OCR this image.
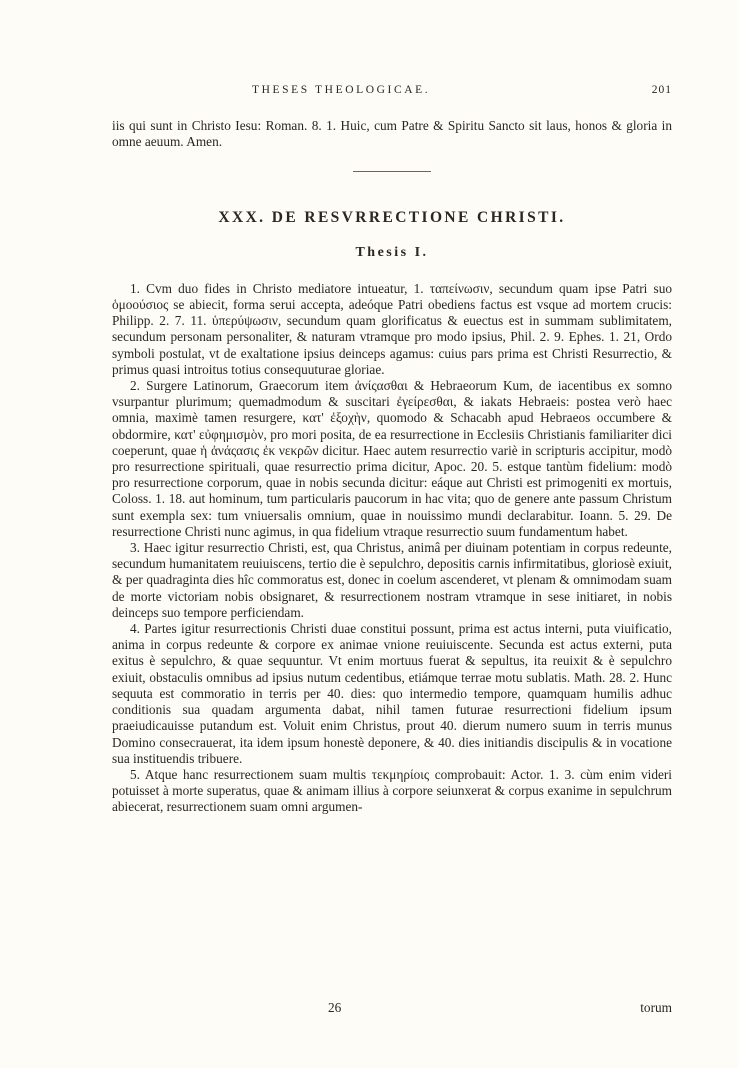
THESES THEOLOGICAE.	201

iis qui sunt in Christo Iesu: Roman. 8. 1. Huic, cum Patre & Spiritu Sancto sit laus, honos & gloria in omne aeuum. Amen.

XXX. DE RESVRRECTIONE CHRISTI.
Thesis I.

1. Cvm duo fides in Christo mediatore intueatur, 1. ταπείνωσιν, secundum quam ipse Patri suo ὁμοούσιος se abiecit, forma serui accepta, adeóque Patri obediens factus est vsque ad mortem crucis: Philipp. 2. 7. 11. ὑπερύψωσιν, secundum quam glorificatus & euectus est in summam sublimitatem, secundum personam personaliter, & naturam vtramque pro modo ipsius, Phil. 2. 9. Ephes. 1. 21, Ordo symboli postulat, vt de exaltatione ipsius deinceps agamus: cuius pars prima est Christi Resurrectio, & primus quasi introitus totius consequuturae gloriae.

2. Surgere Latinorum, Graecorum item ἀνίςασθαι & Hebraeorum Kum, de iacentibus ex somno vsurpantur plurimum; quemadmodum & suscitari ἐγείρεσθαι, & iakats Hebraeis: postea verò haec omnia, maximè tamen resurgere, κατ' ἐξοχὴν, quomodo & Schacabh apud Hebraeos occumbere & obdormire, κατ' εὐφημισμὸν, pro mori posita, de ea resurrectione in Ecclesiis Christianis familiariter dici coeperunt, quae ἡ ἀνάςασις ἐκ νεκρῶν dicitur. Haec autem resurrectio variè in scripturis accipitur, modò pro resurrectione spirituali, quae resurrectio prima dicitur, Apoc. 20. 5. estque tantùm fidelium: modò pro resurrectione corporum, quae in nobis secunda dicitur: eáque aut Christi est primogeniti ex mortuis, Coloss. 1. 18. aut hominum, tum particularis paucorum in hac vita; quo de genere ante passum Christum sunt exempla sex: tum vniuersalis omnium, quae in nouissimo mundi declarabitur. Ioann. 5. 29. De resurrectione Christi nunc agimus, in qua fidelium vtraque resurrectio suum fundamentum habet.

3. Haec igitur resurrectio Christi, est, qua Christus, animâ per diuinam potentiam in corpus redeunte, secundum humanitatem reuiuiscens, tertio die è sepulchro, depositis carnis infirmitatibus, gloriosè exiuit, & per quadraginta dies hîc commoratus est, donec in coelum ascenderet, vt plenam & omnimodam suam de morte victoriam nobis obsignaret, & resurrectionem nostram vtramque in sese initiaret, in nobis deinceps suo tempore perficiendam.

4. Partes igitur resurrectionis Christi duae constitui possunt, prima est actus interni, puta viuificatio, anima in corpus redeunte & corpore ex animae vnione reuiuiscente. Secunda est actus externi, puta exitus è sepulchro, & quae sequuntur. Vt enim mortuus fuerat & sepultus, ita reuixit & è sepulchro exiuit, obstaculis omnibus ad ipsius nutum cedentibus, etiámque terrae motu sublatis. Math. 28. 2. Hunc sequuta est commoratio in terris per 40. dies: quo intermedio tempore, quamquam humilis adhuc conditionis sua quadam argumenta dabat, nihil tamen futurae resurrectioni fidelium ipsum praeiudicauisse putandum est. Voluit enim Christus, prout 40. dierum numero suum in terris munus Domino consecrauerat, ita idem ipsum honestè deponere, & 40. dies initiandis discipulis & in vocatione sua instituendis tribuere.

5. Atque hanc resurrectionem suam multis τεκμηρίοις comprobauit: Actor. 1. 3. cùm enim videri potuisset à morte superatus, quae & animam illius à corpore seiunxerat & corpus exanime in sepulchrum abiecerat, resurrectionem suam omni argumen-

26	torum
